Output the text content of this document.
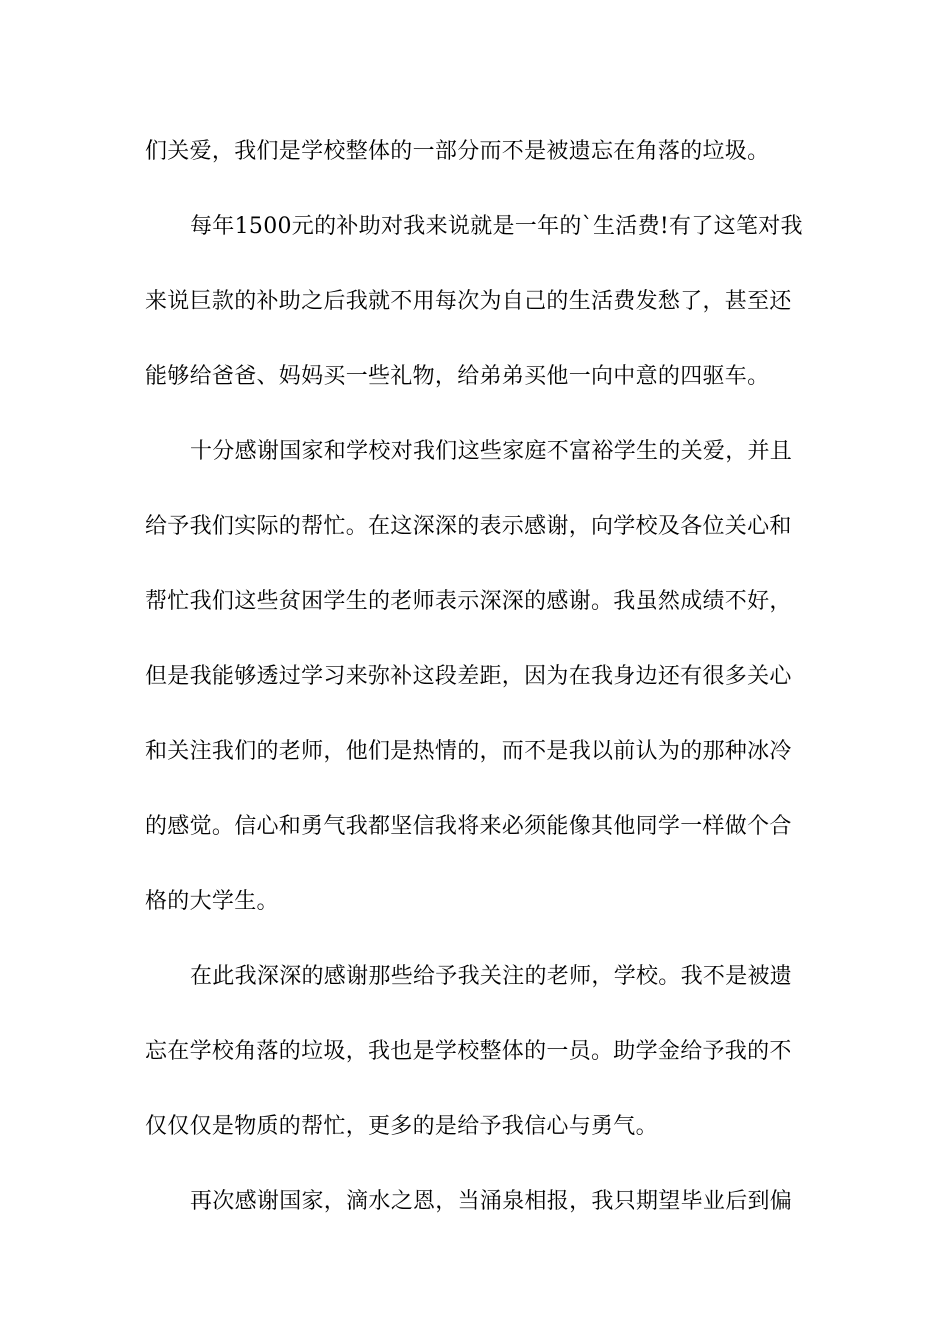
们关爱，我们是学校整体的一部分而不是被遗忘在角落的垃圾。

每年1500元的补助对我来说就是一年的`生活费!有了这笔对我

来说巨款的补助之后我就不用每次为自己的生活费发愁了，甚至还

能够给爸爸、妈妈买一些礼物，给弟弟买他一向中意的四驱车。

十分感谢国家和学校对我们这些家庭不富裕学生的关爱，并且

给予我们实际的帮忙。在这深深的表示感谢，向学校及各位关心和

帮忙我们这些贫困学生的老师表示深深的感谢。我虽然成绩不好，

但是我能够透过学习来弥补这段差距，因为在我身边还有很多关心

和关注我们的老师，他们是热情的，而不是我以前认为的那种冰冷

的感觉。信心和勇气我都坚信我将来必须能像其他同学一样做个合

格的大学生。

在此我深深的感谢那些给予我关注的老师，学校。我不是被遗

忘在学校角落的垃圾，我也是学校整体的一员。助学金给予我的不

仅仅仅是物质的帮忙，更多的是给予我信心与勇气。

再次感谢国家，滴水之恩，当涌泉相报，我只期望毕业后到偏
